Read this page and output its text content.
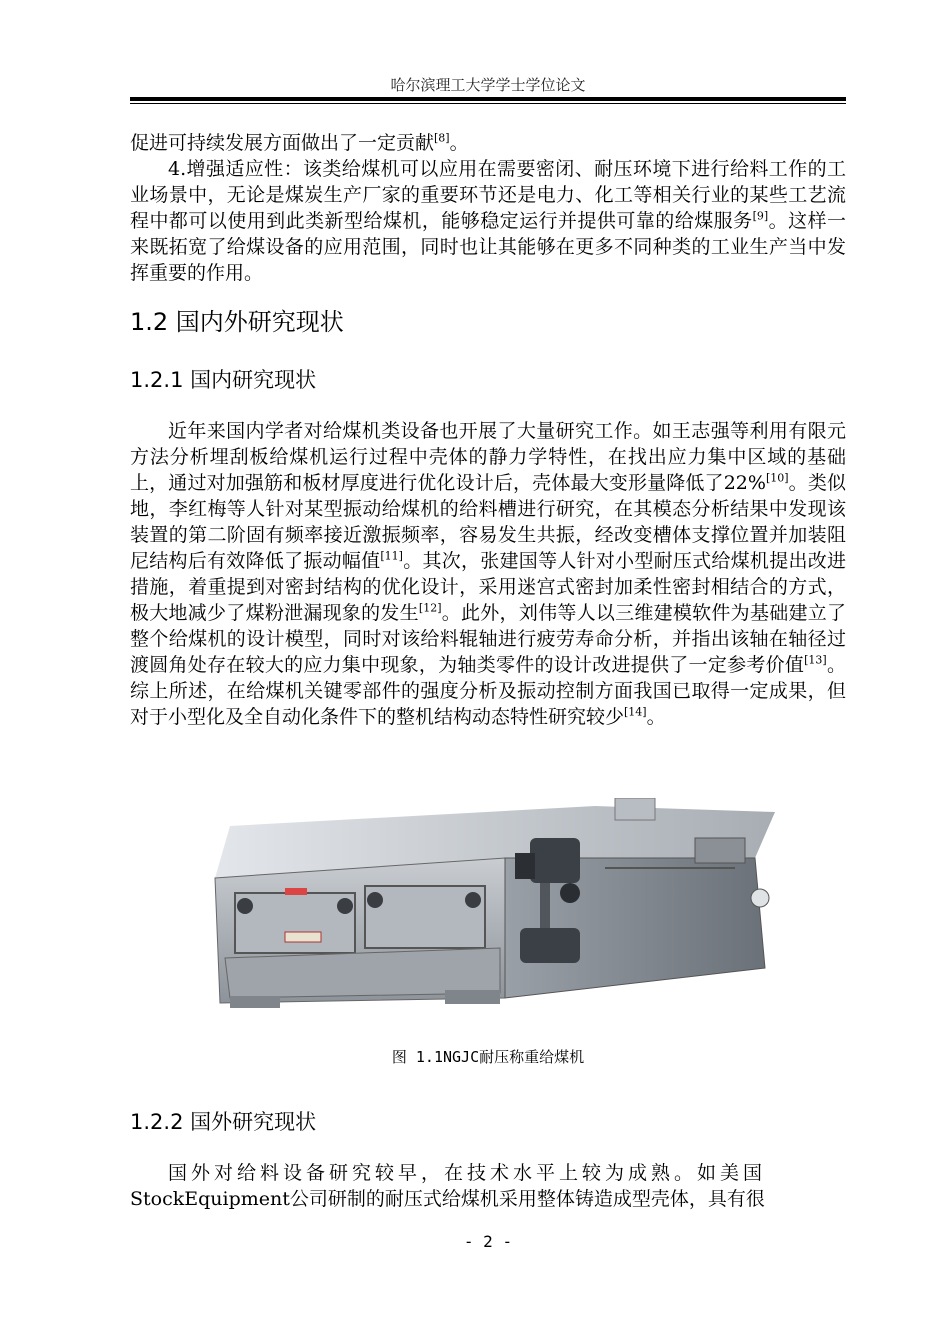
哈尔滨理工大学学士学位论文

促进可持续发展方面做出了一定贡献[8]。

4.增强适应性：该类给煤机可以应用在需要密闭、耐压环境下进行给料工作的工业场景中，无论是煤炭生产厂家的重要环节还是电力、化工等相关行业的某些工艺流程中都可以使用到此类新型给煤机，能够稳定运行并提供可靠的给煤服务[9]。这样一来既拓宽了给煤设备的应用范围，同时也让其能够在更多不同种类的工业生产当中发挥重要的作用。

1.2 国内外研究现状
1.2.1 国内研究现状

近年来国内学者对给煤机类设备也开展了大量研究工作。如王志强等利用有限元方法分析埋刮板给煤机运行过程中壳体的静力学特性，在找出应力集中区域的基础上，通过对加强筋和板材厚度进行优化设计后，壳体最大变形量降低了22%[10]。类似地，李红梅等人针对某型振动给煤机的给料槽进行研究，在其模态分析结果中发现该装置的第二阶固有频率接近激振频率，容易发生共振，经改变槽体支撑位置并加装阻尼结构后有效降低了振动幅值[11]。其次，张建国等人针对小型耐压式给煤机提出改进措施，着重提到对密封结构的优化设计，采用迷宫式密封加柔性密封相结合的方式，极大地减少了煤粉泄漏现象的发生[12]。此外，刘伟等人以三维建模软件为基础建立了整个给煤机的设计模型，同时对该给料辊轴进行疲劳寿命分析，并指出该轴在轴径过渡圆角处存在较大的应力集中现象，为轴类零件的设计改进提供了一定参考价值[13]。综上所述，在给煤机关键零部件的强度分析及振动控制方面我国已取得一定成果，但对于小型化及全自动化条件下的整机结构动态特性研究较少[14]。

图 1.1NGJC耐压称重给煤机
1.2.2 国外研究现状

国外对给料设备研究较早，在技术水平上较为成熟。如美国

StockEquipment公司研制的耐压式给煤机采用整体铸造成型壳体，具有很

- 2 -
